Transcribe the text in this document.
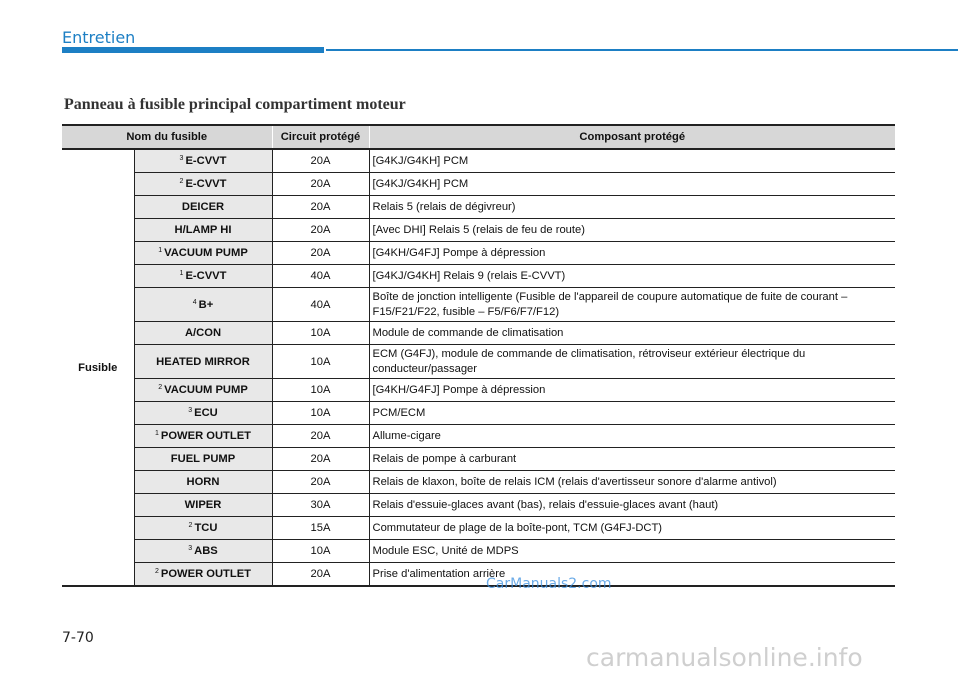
Entretien
Panneau à fusible principal compartiment moteur
Nom du fusible		Circuit protégé	Composant protégé
Fusible	$^3$ E-CVVT	20A	[G4KJ/G4KH] PCM
	$^2$ E-CVVT	20A	[G4KJ/G4KH] PCM
	DEICER	20A	Relais 5 (relais de dégivreur)
	H/LAMP HI	20A	[Avec DHI] Relais 5 (relais de feu de route)
	$^1$ VACUUM PUMP	20A	[G4KH/G4FJ] Pompe à dépression
	$^1$ E-CVVT	40A	[G4KJ/G4KH] Relais 9 (relais E-CVVT)
	$^4$ B+	40A	Boîte de jonction intelligente (Fusible de l'appareil de coupure automatique de fuite de courant – F15/F21/F22, fusible – F5/F6/F7/F12)
	A/CON	10A	Module de commande de climatisation
	HEATED MIRROR	10A	ECM (G4FJ), module de commande de climatisation, rétroviseur extérieur électrique du conducteur/passager
	$^2$ VACUUM PUMP	10A	[G4KH/G4FJ] Pompe à dépression
	$^3$ ECU	10A	PCM/ECM
	$^1$ POWER OUTLET	20A	Allume-cigare
	FUEL PUMP	20A	Relais de pompe à carburant
	HORN	20A	Relais de klaxon, boîte de relais ICM (relais d'avertisseur sonore d'alarme antivol)
	WIPER	30A	Relais d'essuie-glaces avant (bas), relais d'essuie-glaces avant (haut)
	$^2$ TCU	15A	Commutateur de plage de la boîte-pont, TCM (G4FJ-DCT)
	$^3$ ABS	10A	Module ESC, Unité de MDPS
	$^2$ POWER OUTLET	20A	Prise d'alimentation arrière
7-70
CarManuals2.com
carmanualsonline.info
